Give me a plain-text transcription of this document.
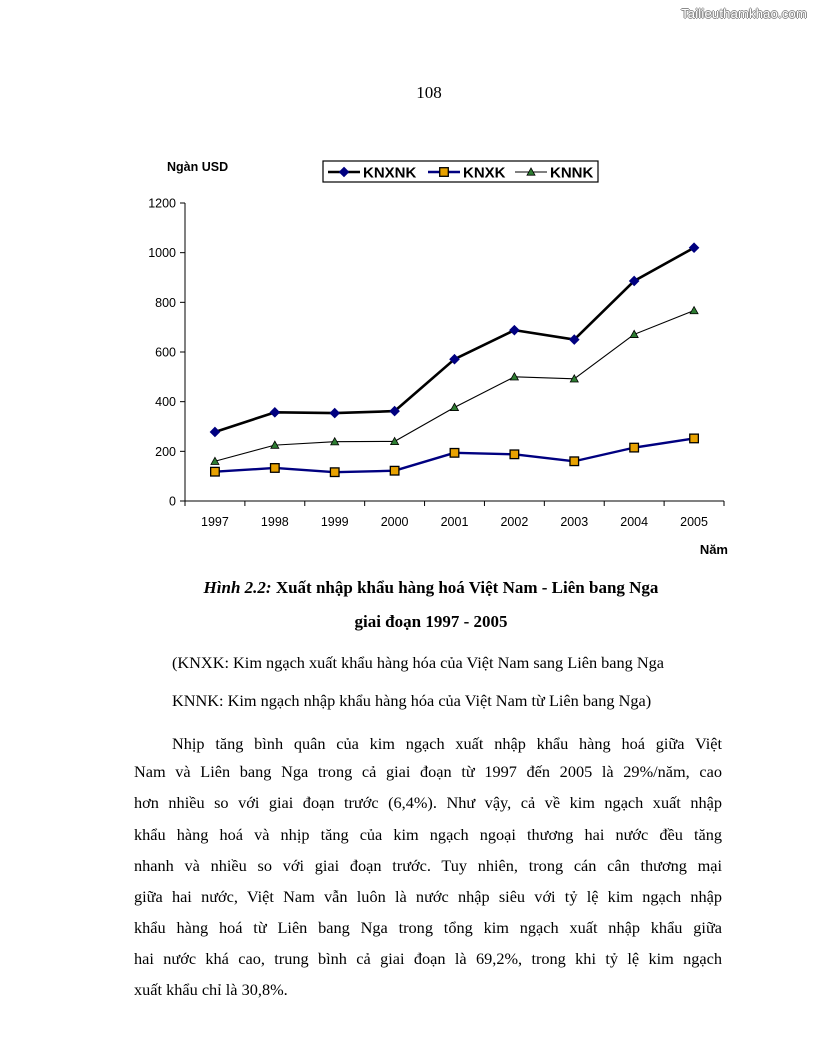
Tailieuthamkhao.com
108
Ngàn USD
Năm
KNXNK	KNXK	KNNK
0
200
400
600
800
1000
1200
1997	1998	1999	2000	2001	2002	2003	2004	2005
Hình 2.2: Xuất nhập khẩu hàng hoá Việt Nam - Liên bang Nga
giai đoạn 1997 - 2005
(KNXK: Kim ngạch xuất khẩu hàng hóa của Việt Nam sang Liên bang Nga
KNNK: Kim ngạch nhập khẩu hàng hóa của Việt Nam từ Liên bang Nga)
Nhịp tăng bình quân của kim ngạch xuất nhập khẩu hàng hoá giữa Việt
Nam và Liên bang Nga trong cả giai đoạn từ 1997 đến 2005 là 29%/năm, cao
hơn nhiều so với giai đoạn trước (6,4%). Như vậy, cả về kim ngạch xuất nhập
khẩu hàng hoá và nhịp tăng của kim ngạch ngoại thương hai nước đều tăng
nhanh và nhiều so với giai đoạn trước. Tuy nhiên, trong cán cân thương mại
giữa hai nước, Việt Nam vẫn luôn là nước nhập siêu với tỷ lệ kim ngạch nhập
khẩu hàng hoá từ Liên bang Nga trong tổng kim ngạch xuất nhập khẩu giữa
hai nước khá cao, trung bình cả giai đoạn là 69,2%, trong khi tỷ lệ kim ngạch
xuất khẩu chỉ là 30,8%.
